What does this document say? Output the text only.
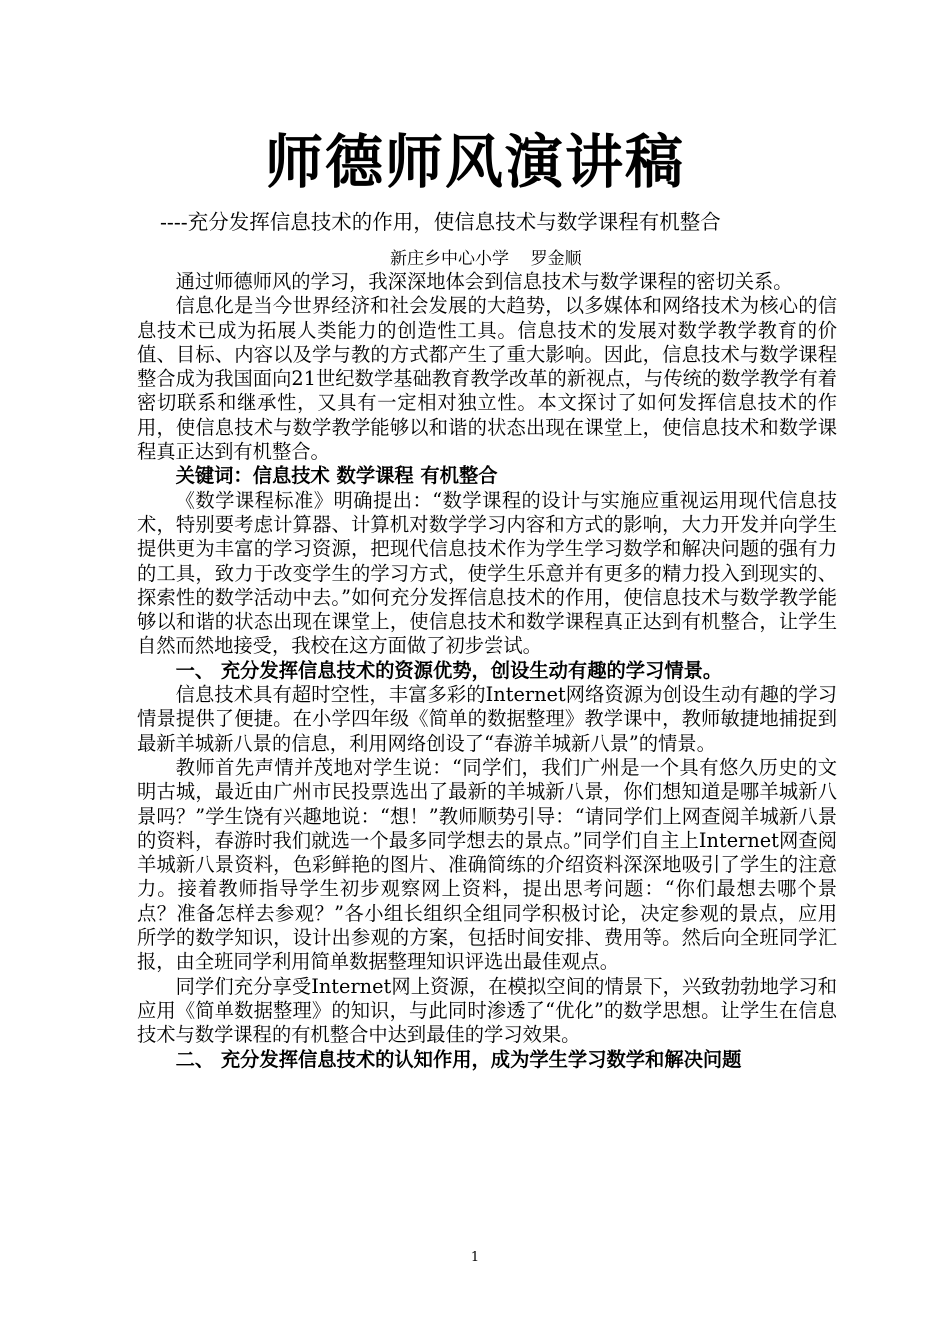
师德师风演讲稿

----充分发挥信息技术的作用，使信息技术与数学课程有机整合

新庄乡中心小学    罗金顺

通过师德师风的学习，我深深地体会到信息技术与数学课程的密切关系。

信息化是当今世界经济和社会发展的大趋势，以多媒体和网络技术为核心的信息技术已成为拓展人类能力的创造性工具。信息技术的发展对数学教学教育的价值、目标、内容以及学与教的方式都产生了重大影响。因此，信息技术与数学课程整合成为我国面向21世纪数学基础教育教学改革的新视点，与传统的数学教学有着密切联系和继承性，又具有一定相对独立性。本文探讨了如何发挥信息技术的作用，使信息技术与数学教学能够以和谐的状态出现在课堂上，使信息技术和数学课程真正达到有机整合。

关键词：信息技术 数学课程 有机整合

《数学课程标准》明确提出：“数学课程的设计与实施应重视运用现代信息技术，特别要考虑计算器、计算机对数学学习内容和方式的影响，大力开发并向学生提供更为丰富的学习资源，把现代信息技术作为学生学习数学和解决问题的强有力的工具，致力于改变学生的学习方式，使学生乐意并有更多的精力投入到现实的、探索性的数学活动中去。”如何充分发挥信息技术的作用，使信息技术与数学教学能够以和谐的状态出现在课堂上，使信息技术和数学课程真正达到有机整合，让学生自然而然地接受，我校在这方面做了初步尝试。

一、 充分发挥信息技术的资源优势，创设生动有趣的学习情景。

信息技术具有超时空性，丰富多彩的Internet网络资源为创设生动有趣的学习情景提供了便捷。在小学四年级《简单的数据整理》教学课中，教师敏捷地捕捉到最新羊城新八景的信息，利用网络创设了“春游羊城新八景”的情景。

教师首先声情并茂地对学生说：“同学们，我们广州是一个具有悠久历史的文明古城，最近由广州市民投票选出了最新的羊城新八景，你们想知道是哪羊城新八景吗？”学生饶有兴趣地说：“想！”教师顺势引导：“请同学们上网查阅羊城新八景的资料，春游时我们就选一个最多同学想去的景点。”同学们自主上Internet网查阅羊城新八景资料，色彩鲜艳的图片、准确简练的介绍资料深深地吸引了学生的注意力。接着教师指导学生初步观察网上资料，提出思考问题：“你们最想去哪个景点？准备怎样去参观？”各小组长组织全组同学积极讨论，决定参观的景点，应用所学的数学知识，设计出参观的方案，包括时间安排、费用等。然后向全班同学汇报，由全班同学利用简单数据整理知识评选出最佳观点。

同学们充分享受Internet网上资源，在模拟空间的情景下，兴致勃勃地学习和应用《简单数据整理》的知识，与此同时渗透了“优化”的数学思想。让学生在信息技术与数学课程的有机整合中达到最佳的学习效果。

二、 充分发挥信息技术的认知作用，成为学生学习数学和解决问题

1
